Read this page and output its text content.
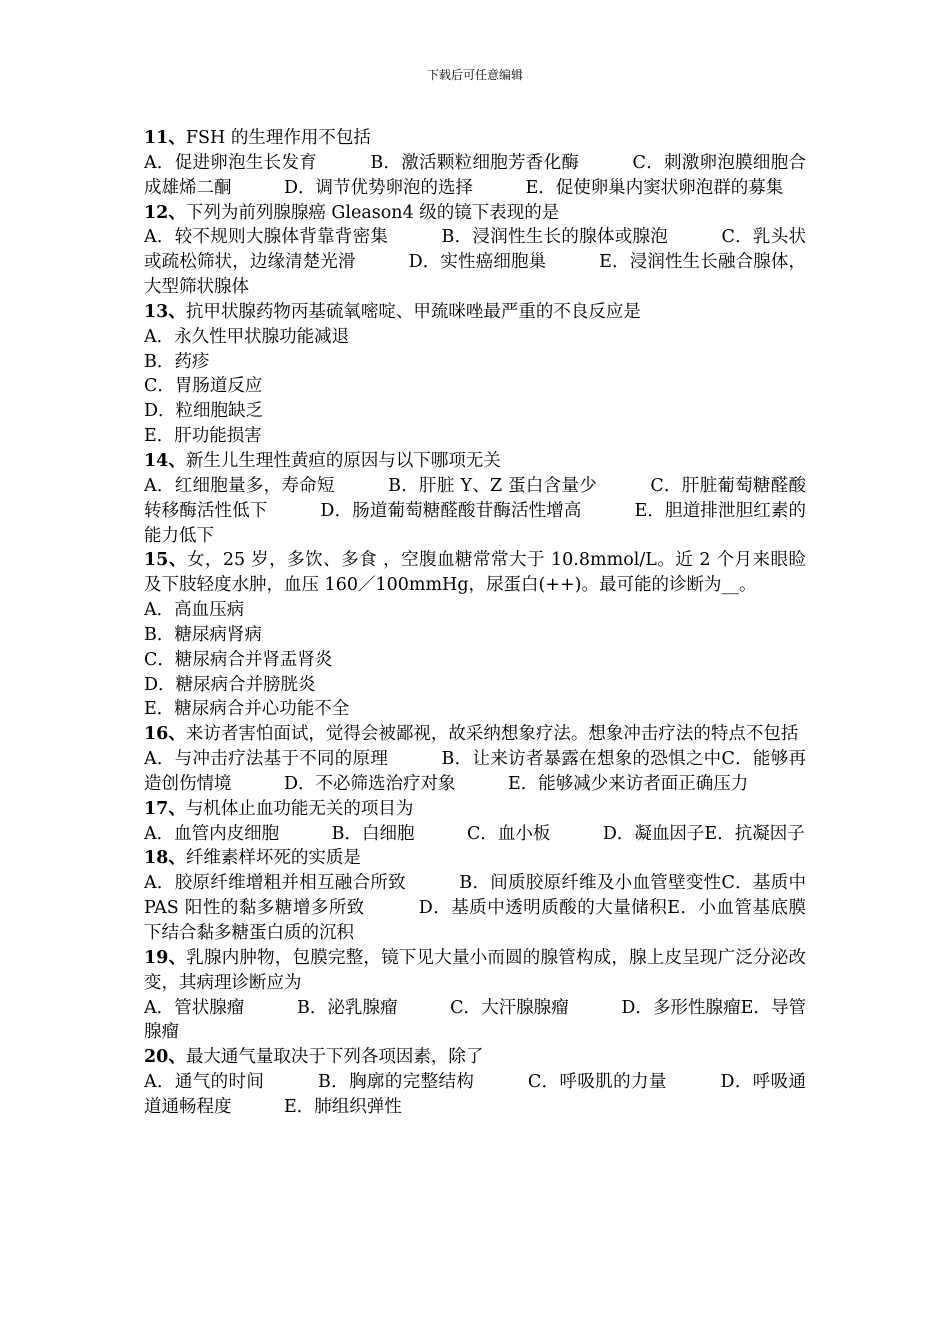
下载后可任意编辑
11、FSH 的生理作用不包括
A．促进卵泡生长发育　　　B．激活颗粒细胞芳香化酶　　　C．刺激卵泡膜细胞合成雄烯二酮　　　D．调节优势卵泡的选择　　　E．促使卵巢内窦状卵泡群的募集
12、下列为前列腺腺癌 Gleason4 级的镜下表现的是
A．较不规则大腺体背靠背密集　　　B．浸润性生长的腺体或腺泡　　　C．乳头状或疏松筛状，边缘清楚光滑　　　D．实性癌细胞巢　　　E．浸润性生长融合腺体，大型筛状腺体
13、抗甲状腺药物丙基硫氧嘧啶、甲巯咪唑最严重的不良反应是
A．永久性甲状腺功能减退
B．药疹
C．胃肠道反应
D．粒细胞缺乏
E．肝功能损害
14、新生儿生理性黄疸的原因与以下哪项无关
A．红细胞量多，寿命短　　　B．肝脏 Y、Z 蛋白含量少　　　C．肝脏葡萄糖醛酸转移酶活性低下　　　D．肠道葡萄糖醛酸苷酶活性增高　　　E．胆道排泄胆红素的能力低下
15、女，25 岁，多饮、多食 ，空腹血糖常常大于 10.8mmol/L。近 2 个月来眼睑及下肢轻度水肿，血压 160／100mmHg，尿蛋白(++)。最可能的诊断为__。
A．高血压病
B．糖尿病肾病
C．糖尿病合并肾盂肾炎
D．糖尿病合并膀胱炎
E．糖尿病合并心功能不全
16、来访者害怕面试，觉得会被鄙视，故采纳想象疗法。想象冲击疗法的特点不包括
A．与冲击疗法基于不同的原理　　　B．让来访者暴露在想象的恐惧之中C．能够再造创伤情境　　　D．不必筛选治疗对象　　　E．能够减少来访者面正确压力
17、与机体止血功能无关的项目为
A．血管内皮细胞　　　B．白细胞　　　C．血小板　　　D．凝血因子E．抗凝因子
18、纤维素样坏死的实质是
A．胶原纤维增粗并相互融合所致　　　B．间质胶原纤维及小血管壁变性C．基质中 PAS 阳性的黏多糖增多所致　　　D．基质中透明质酸的大量储积E．小血管基底膜下结合黏多糖蛋白质的沉积
19、乳腺内肿物，包膜完整，镜下见大量小而圆的腺管构成，腺上皮呈现广泛分泌改变，其病理诊断应为
A．管状腺瘤　　　B．泌乳腺瘤　　　C．大汗腺腺瘤　　　D．多形性腺瘤E．导管腺瘤
20、最大通气量取决于下列各项因素，除了
A．通气的时间　　　B．胸廓的完整结构　　　C．呼吸肌的力量　　　D．呼吸通道通畅程度　　　E．肺组织弹性
